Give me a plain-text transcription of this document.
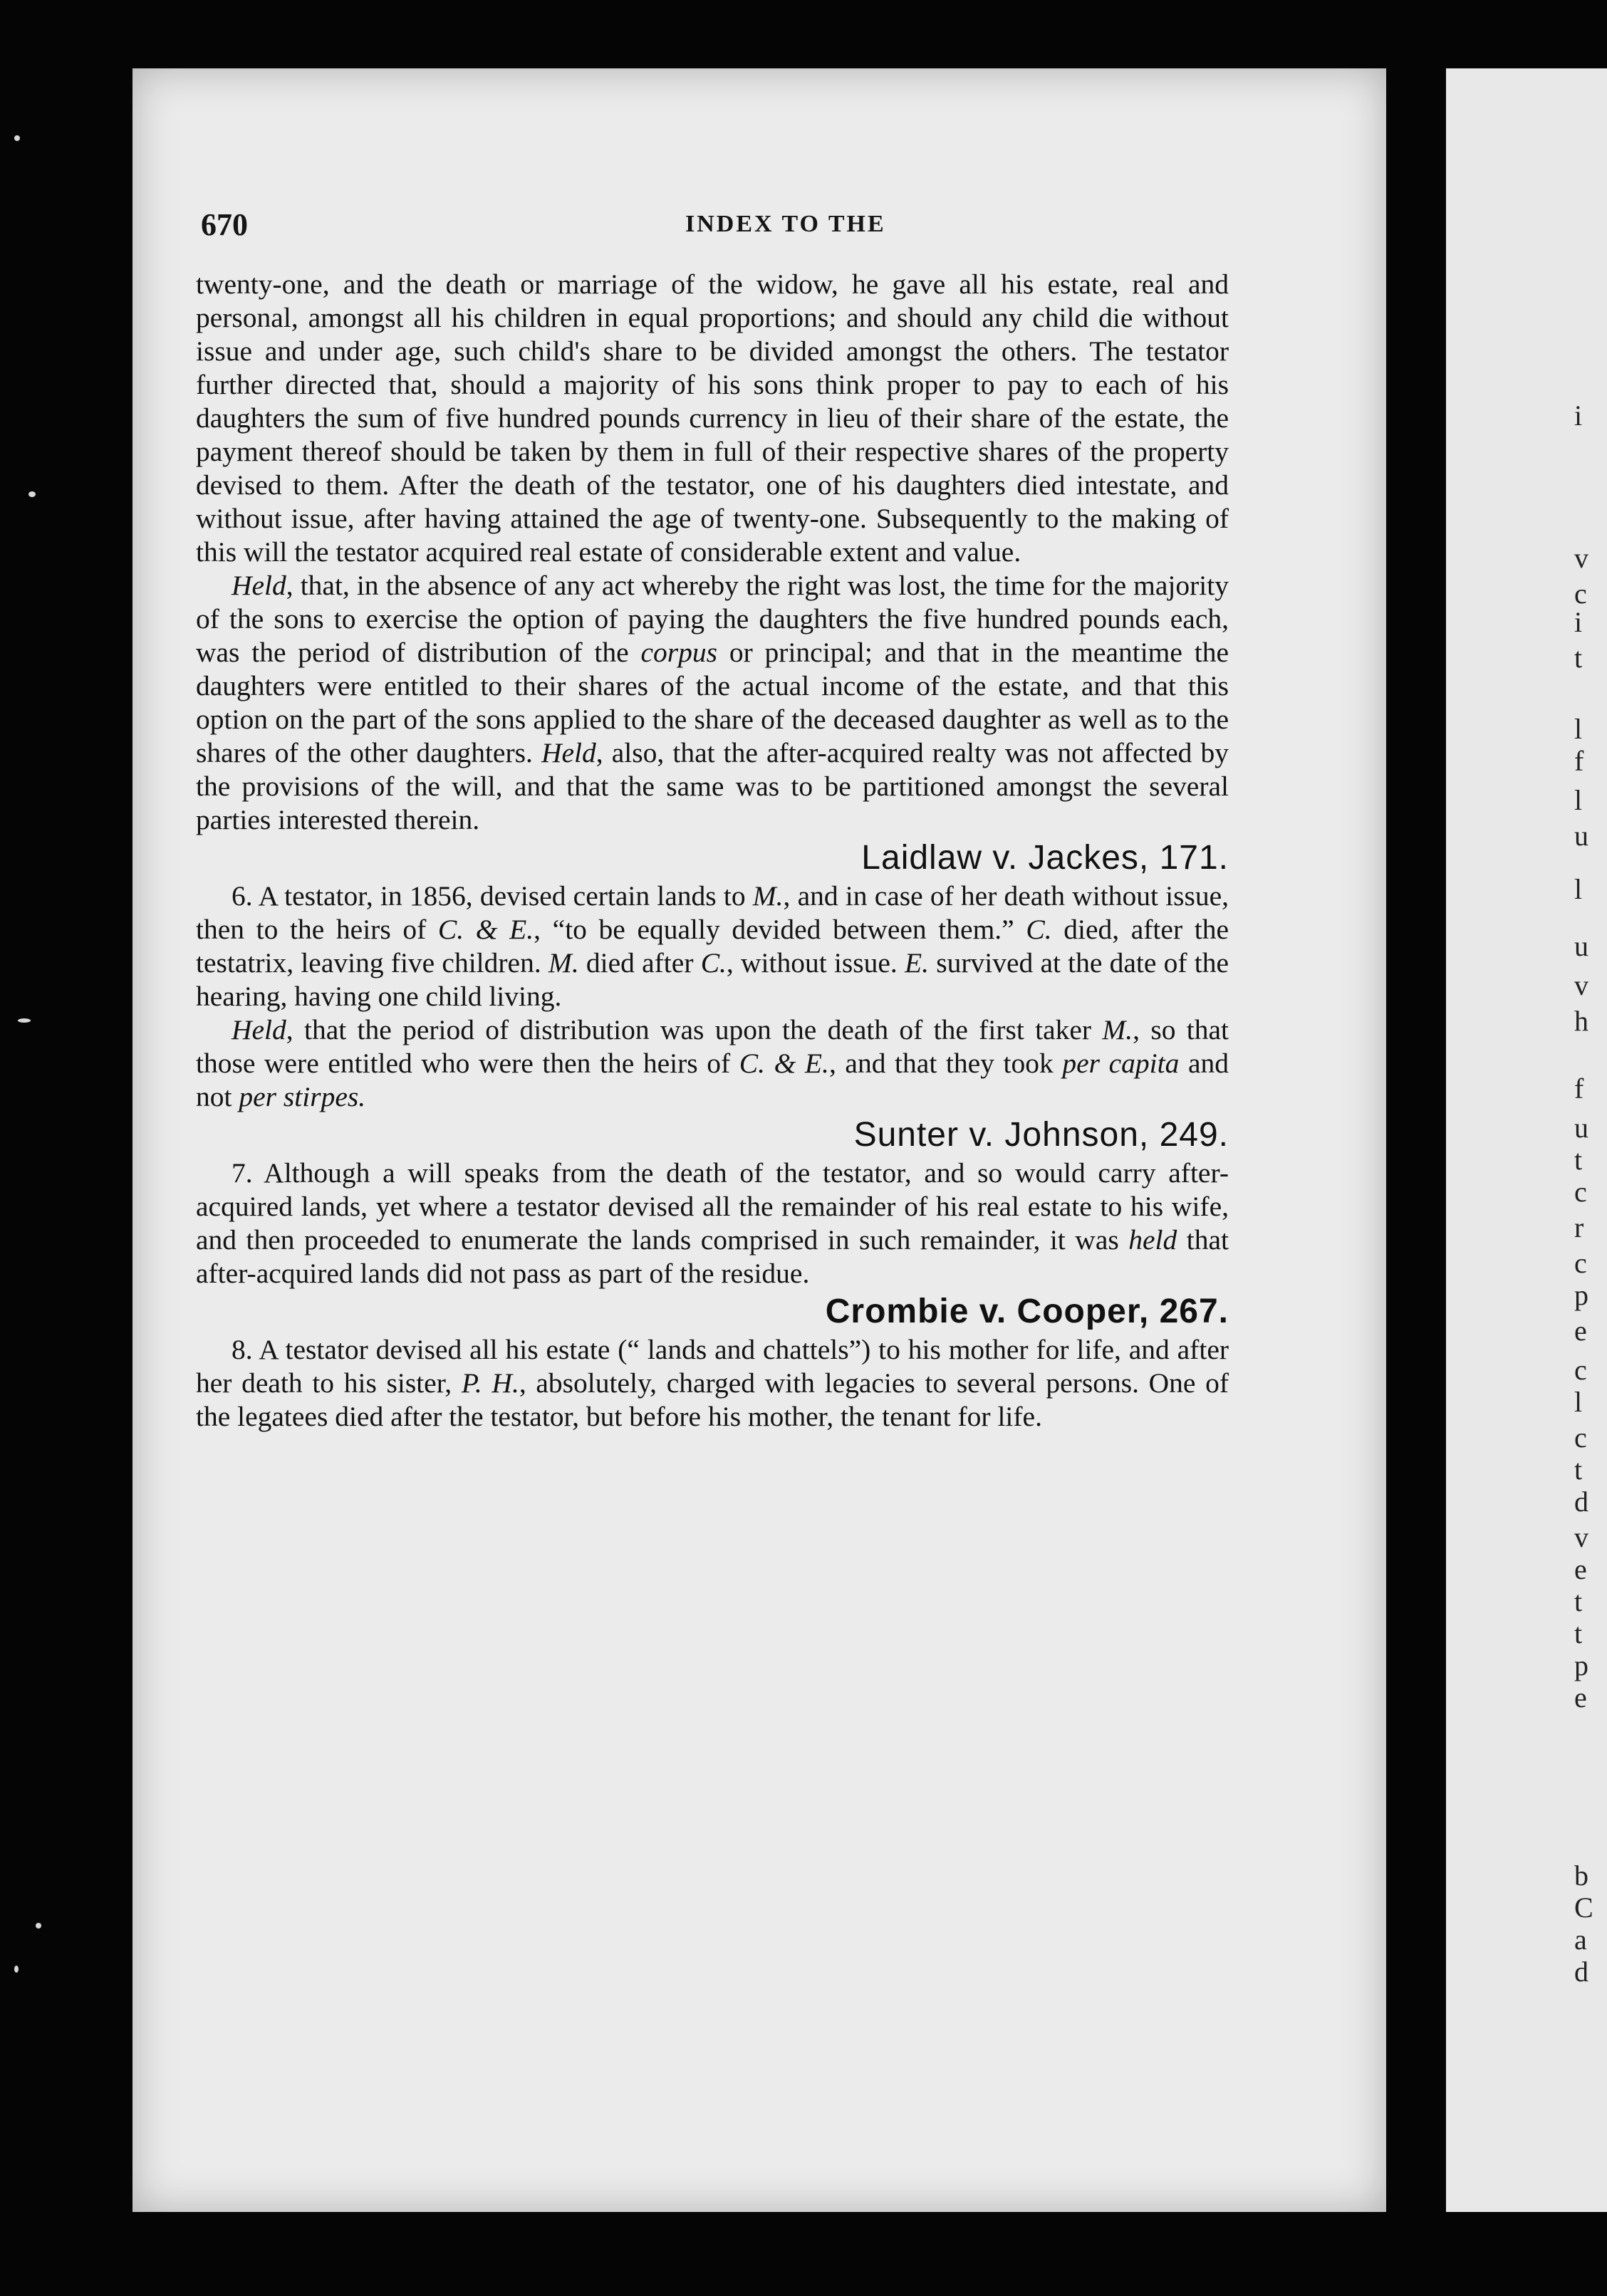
670	INDEX TO THE

twenty-one, and the death or marriage of the widow, he gave all his estate, real and personal, amongst all his children in equal proportions; and should any child die without issue and under age, such child's share to be divided amongst the others. The testator further directed that, should a majority of his sons think proper to pay to each of his daughters the sum of five hundred pounds currency in lieu of their share of the estate, the payment thereof should be taken by them in full of their respective shares of the property devised to them. After the death of the testator, one of his daughters died intestate, and without issue, after having attained the age of twenty-one. Subsequently to the making of this will the testator acquired real estate of considerable extent and value.

Held, that, in the absence of any act whereby the right was lost, the time for the majority of the sons to exercise the option of paying the daughters the five hundred pounds each, was the period of distribution of the corpus or principal; and that in the meantime the daughters were entitled to their shares of the actual income of the estate, and that this option on the part of the sons applied to the share of the deceased daughter as well as to the shares of the other daughters. Held, also, that the after-acquired realty was not affected by the provisions of the will, and that the same was to be partitioned amongst the several parties interested therein.

Laidlaw v. Jackes, 171.

6. A testator, in 1856, devised certain lands to M., and in case of her death without issue, then to the heirs of C. & E., “to be equally devided between them.” C. died, after the testatrix, leaving five children. M. died after C., without issue. E. survived at the date of the hearing, having one child living.

Held, that the period of distribution was upon the death of the first taker M., so that those were entitled who were then the heirs of C. & E., and that they took per capita and not per stirpes.

Sunter v. Johnson, 249.

7. Although a will speaks from the death of the testator, and so would carry after-acquired lands, yet where a testator devised all the remainder of his real estate to his wife, and then proceeded to enumerate the lands comprised in such remainder, it was held that after-acquired lands did not pass as part of the residue.

Crombie v. Cooper, 267.

8. A testator devised all his estate (“ lands and chattels”) to his mother for life, and after her death to his sister, P. H., absolutely, charged with legacies to several persons. One of the legatees died after the testator, but before his mother, the tenant for life.

i
v
c
i
t
l
f
l
u
l
u
v
h
f
u
t
c
r
c
p
e
c
l
c
t
d
v
e
t
t
p
e
b
C
a
d
